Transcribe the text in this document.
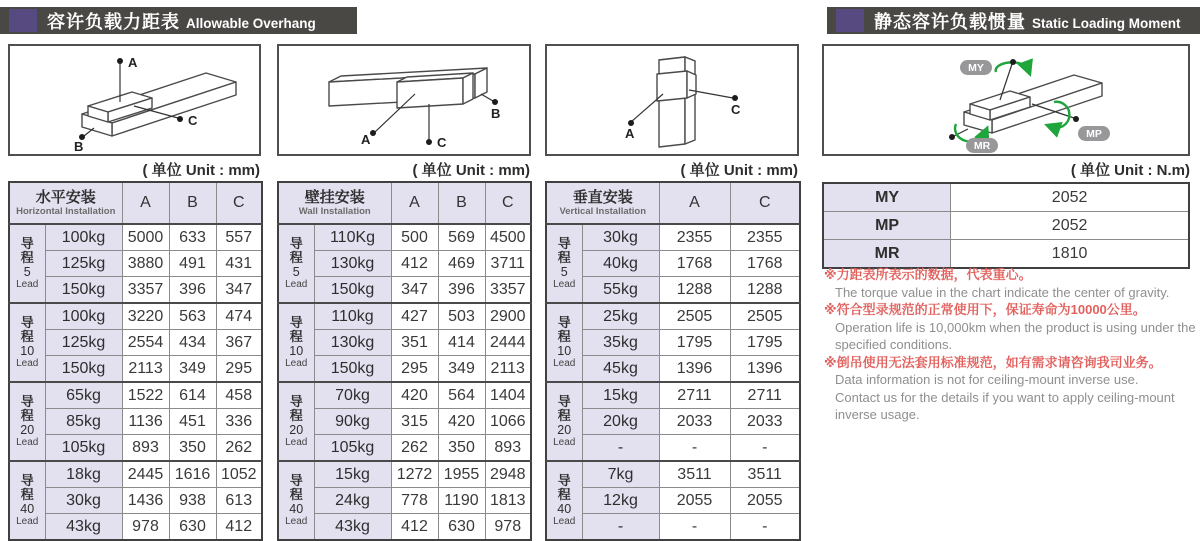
容许负载力距表 Allowable Overhang	静态容许负载惯量 Static Loading Moment
A
B
C
A
B
C
A
C
MY
MP
MR
( 单位 Unit : mm)	( 单位 Unit : mm)	( 单位 Unit : mm)	( 单位 Unit : N.m)
水平安装
Horizontal Installation		A	B	C

导
程
5
Lead	100kg	5000	633	557
	125kg	3880	491	431
	150kg	3357	396	347

导
程
10
Lead	100kg	3220	563	474
	125kg	2554	434	367
	150kg	2113	349	295

导
程
20
Lead	65kg	1522	614	458
	85kg	1136	451	336
	105kg	893	350	262

导
程
40
Lead	18kg	2445	1616	1052
	30kg	1436	938	613
	43kg	978	630	412
壁挂安装
Wall Installation		A	B	C

导
程
5
Lead	110Kg	500	569	4500
	130kg	412	469	3711
	150kg	347	396	3357

导
程
10
Lead	110kg	427	503	2900
	130kg	351	414	2444
	150kg	295	349	2113

导
程
20
Lead	70kg	420	564	1404
	90kg	315	420	1066
	105kg	262	350	893

导
程
40
Lead	15kg	1272	1955	2948
	24kg	778	1190	1813
	43kg	412	630	978
垂直安装
Vertical Installation		A	C

导
程
5
Lead	30kg	2355	2355
	40kg	1768	1768
	55kg	1288	1288

导
程
10
Lead	25kg	2505	2505
	35kg	1795	1795
	45kg	1396	1396

导
程
20
Lead	15kg	2711	2711
	20kg	2033	2033
	-	-	-

导
程
40
Lead	7kg	3511	3511
	12kg	2055	2055
	-	-	-
MY	2052
MP	2052
MR	1810
※力距表所表示的数据，代表重心。
The torque value in the chart indicate the center of gravity.
※符合型录规范的正常使用下，保证寿命为10000公里。
Operation life is 10,000km when the product is using under the
specified conditions.
※倒吊使用无法套用标准规范，如有需求请咨询我司业务。
Data information is not for ceiling-mount inverse use.
Contact us for the details if you want to apply ceiling-mount
inverse usage.
